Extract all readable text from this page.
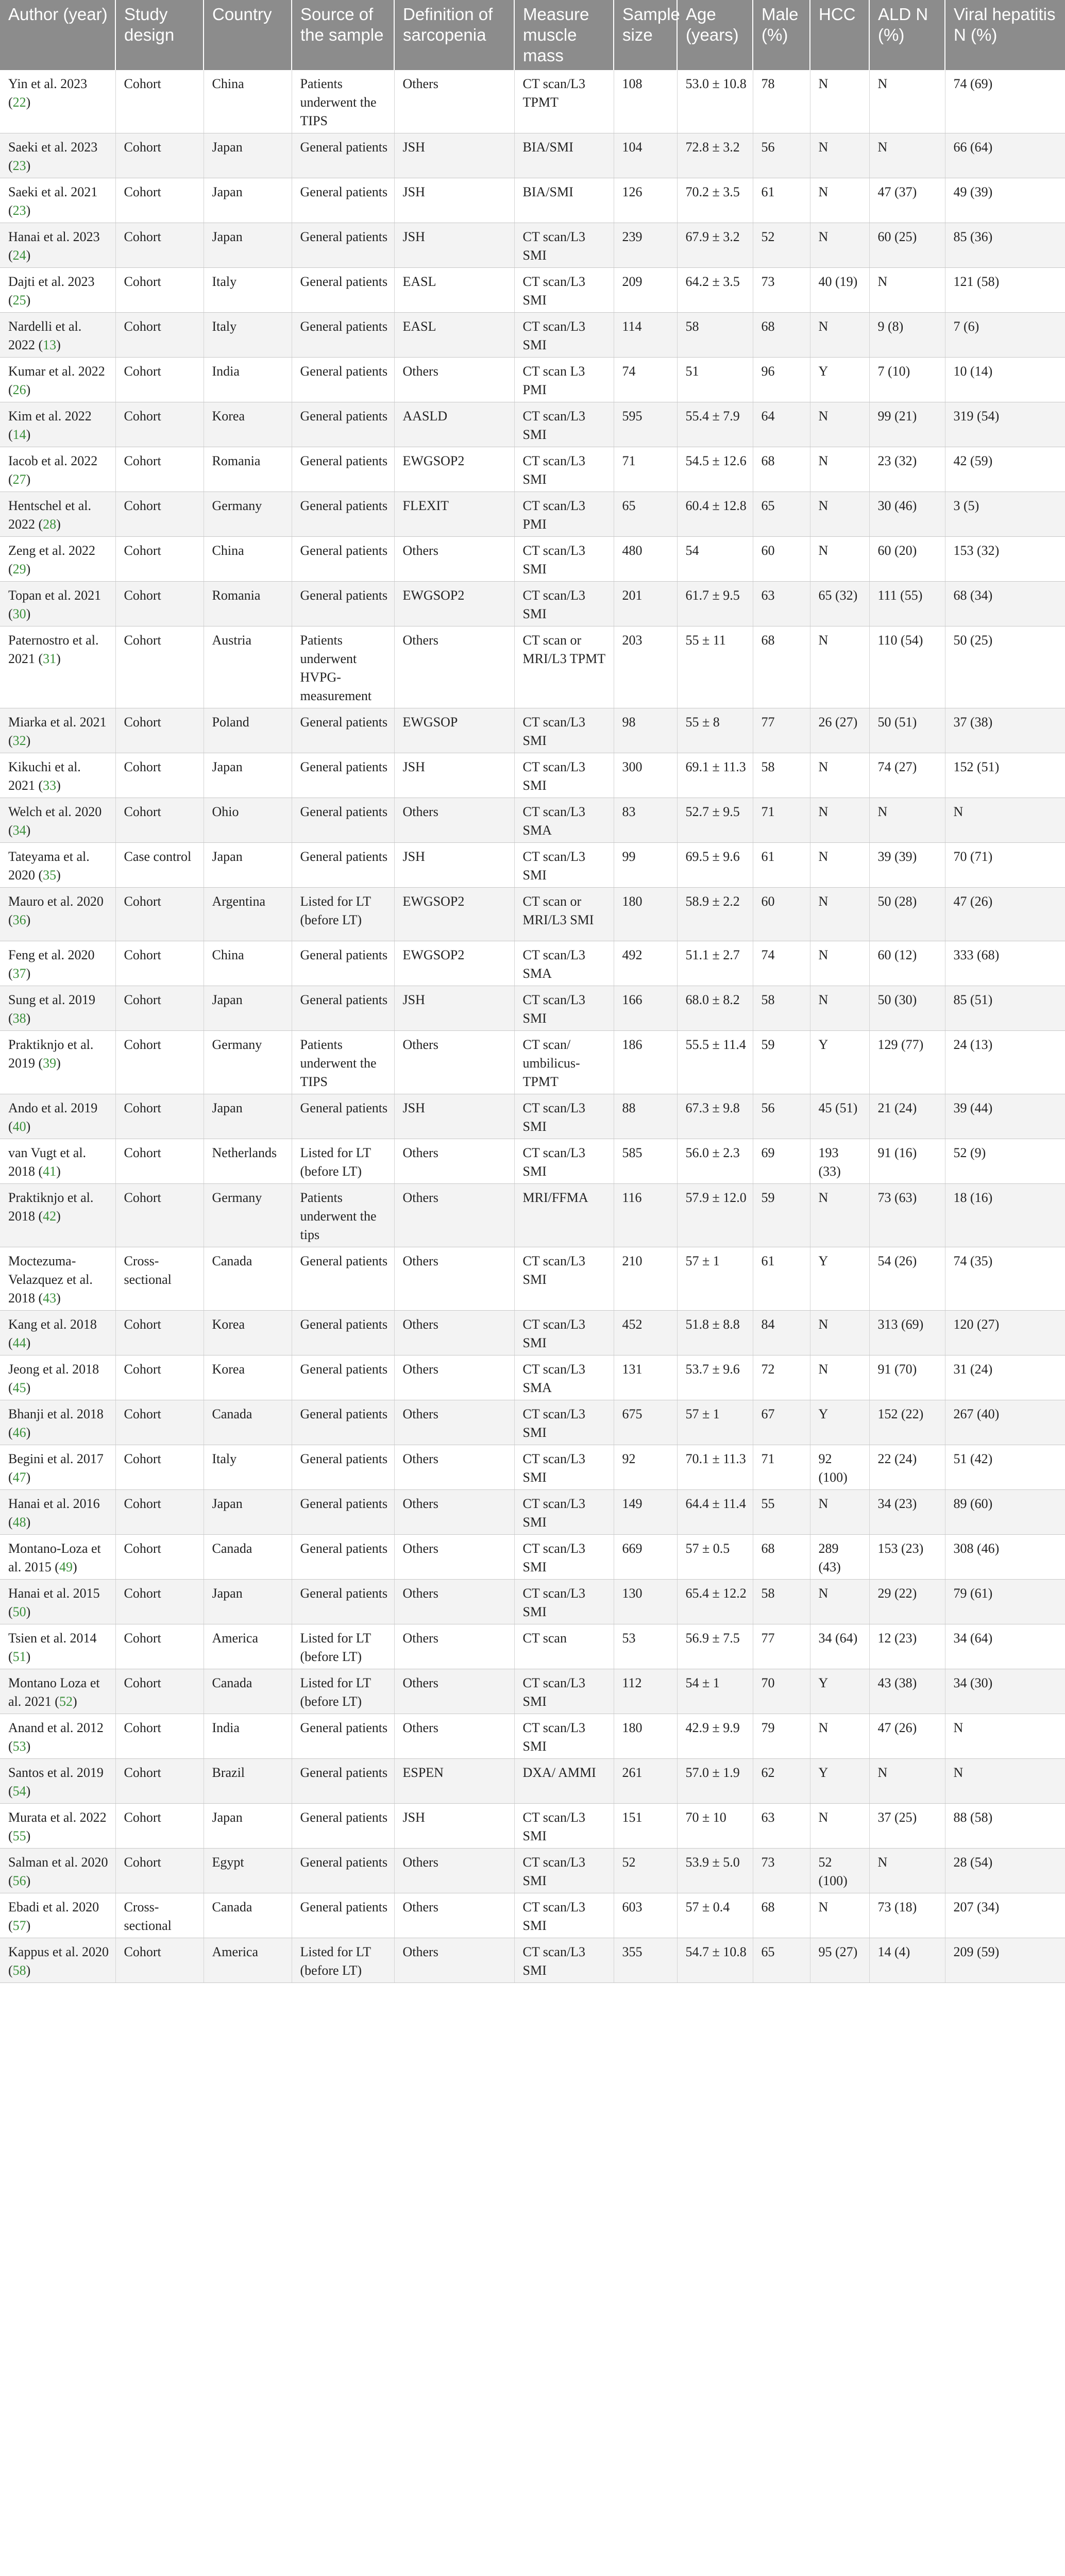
Author (year)	Study design	Country	Source of the sample	Definition of sarcopenia	Measure muscle mass	Sample size	Age (years)	Male (%)	HCC	ALD N (%)	Viral hepatitis N (%)
Yin et al. 2023 (22)	Cohort	China	Patients underwent the TIPS	Others	CT scan/L3 TPMT	108	53.0 ± 10.8	78	N	N	74 (69)
Saeki et al. 2023 (23)	Cohort	Japan	General patients	JSH	BIA/SMI	104	72.8 ± 3.2	56	N	N	66 (64)
Saeki et al. 2021 (23)	Cohort	Japan	General patients	JSH	BIA/SMI	126	70.2 ± 3.5	61	N	47 (37)	49 (39)
Hanai et al. 2023 (24)	Cohort	Japan	General patients	JSH	CT scan/L3 SMI	239	67.9 ± 3.2	52	N	60 (25)	85 (36)
Dajti et al. 2023 (25)	Cohort	Italy	General patients	EASL	CT scan/L3 SMI	209	64.2 ± 3.5	73	40 (19)	N	121 (58)
Nardelli et al. 2022 (13)	Cohort	Italy	General patients	EASL	CT scan/L3 SMI	114	58	68	N	9 (8)	7 (6)
Kumar et al. 2022 (26)	Cohort	India	General patients	Others	CT scan L3 PMI	74	51	96	Y	7 (10)	10 (14)
Kim et al. 2022 (14)	Cohort	Korea	General patients	AASLD	CT scan/L3 SMI	595	55.4 ± 7.9	64	N	99 (21)	319 (54)
Iacob et al. 2022 (27)	Cohort	Romania	General patients	EWGSOP2	CT scan/L3 SMI	71	54.5 ± 12.6	68	N	23 (32)	42 (59)
Hentschel et al. 2022 (28)	Cohort	Germany	General patients	FLEXIT	CT scan/L3 PMI	65	60.4 ± 12.8	65	N	30 (46)	3 (5)
Zeng et al. 2022 (29)	Cohort	China	General patients	Others	CT scan/L3 SMI	480	54	60	N	60 (20)	153 (32)
Topan et al. 2021 (30)	Cohort	Romania	General patients	EWGSOP2	CT scan/L3 SMI	201	61.7 ± 9.5	63	65 (32)	111 (55)	68 (34)
Paternostro et al. 2021 (31)	Cohort	Austria	Patients underwent HVPG-measurement	Others	CT scan or MRI/L3 TPMT	203	55 ± 11	68	N	110 (54)	50 (25)
Miarka et al. 2021 (32)	Cohort	Poland	General patients	EWGSOP	CT scan/L3 SMI	98	55 ± 8	77	26 (27)	50 (51)	37 (38)
Kikuchi et al. 2021 (33)	Cohort	Japan	General patients	JSH	CT scan/L3 SMI	300	69.1 ± 11.3	58	N	74 (27)	152 (51)
Welch et al. 2020 (34)	Cohort	Ohio	General patients	Others	CT scan/L3 SMA	83	52.7 ± 9.5	71	N	N	N
Tateyama et al. 2020 (35)	Case control	Japan	General patients	JSH	CT scan/L3 SMI	99	69.5 ± 9.6	61	N	39 (39)	70 (71)
Mauro et al. 2020 (36)	Cohort	Argentina	Listed for LT (before LT)	EWGSOP2	CT scan or MRI/L3 SMI	180	58.9 ± 2.2	60	N	50 (28)	47 (26)
Feng et al. 2020 (37)	Cohort	China	General patients	EWGSOP2	CT scan/L3 SMA	492	51.1 ± 2.7	74	N	60 (12)	333 (68)
Sung et al. 2019 (38)	Cohort	Japan	General patients	JSH	CT scan/L3 SMI	166	68.0 ± 8.2	58	N	50 (30)	85 (51)
Praktiknjo et al. 2019 (39)	Cohort	Germany	Patients underwent the TIPS	Others	CT scan/ umbilicus-TPMT	186	55.5 ± 11.4	59	Y	129 (77)	24 (13)
Ando et al. 2019 (40)	Cohort	Japan	General patients	JSH	CT scan/L3 SMI	88	67.3 ± 9.8	56	45 (51)	21 (24)	39 (44)
van Vugt et al. 2018 (41)	Cohort	Netherlands	Listed for LT (before LT)	Others	CT scan/L3 SMI	585	56.0 ± 2.3	69	193 (33)	91 (16)	52 (9)
Praktiknjo et al. 2018 (42)	Cohort	Germany	Patients underwent the tips	Others	MRI/FFMA	116	57.9 ± 12.0	59	N	73 (63)	18 (16)
Moctezuma-Velazquez et al. 2018 (43)	Cross-sectional	Canada	General patients	Others	CT scan/L3 SMI	210	57 ± 1	61	Y	54 (26)	74 (35)
Kang et al. 2018 (44)	Cohort	Korea	General patients	Others	CT scan/L3 SMI	452	51.8 ± 8.8	84	N	313 (69)	120 (27)
Jeong et al. 2018 (45)	Cohort	Korea	General patients	Others	CT scan/L3 SMA	131	53.7 ± 9.6	72	N	91 (70)	31 (24)
Bhanji et al. 2018 (46)	Cohort	Canada	General patients	Others	CT scan/L3 SMI	675	57 ± 1	67	Y	152 (22)	267 (40)
Begini et al. 2017 (47)	Cohort	Italy	General patients	Others	CT scan/L3 SMI	92	70.1 ± 11.3	71	92 (100)	22 (24)	51 (42)
Hanai et al. 2016 (48)	Cohort	Japan	General patients	Others	CT scan/L3 SMI	149	64.4 ± 11.4	55	N	34 (23)	89 (60)
Montano-Loza et al. 2015 (49)	Cohort	Canada	General patients	Others	CT scan/L3 SMI	669	57 ± 0.5	68	289 (43)	153 (23)	308 (46)
Hanai et al. 2015 (50)	Cohort	Japan	General patients	Others	CT scan/L3 SMI	130	65.4 ± 12.2	58	N	29 (22)	79 (61)
Tsien et al. 2014 (51)	Cohort	America	Listed for LT (before LT)	Others	CT scan	53	56.9 ± 7.5	77	34 (64)	12 (23)	34 (64)
Montano Loza et al. 2021 (52)	Cohort	Canada	Listed for LT (before LT)	Others	CT scan/L3 SMI	112	54 ± 1	70	Y	43 (38)	34 (30)
Anand et al. 2012 (53)	Cohort	India	General patients	Others	CT scan/L3 SMI	180	42.9 ± 9.9	79	N	47 (26)	N
Santos et al. 2019 (54)	Cohort	Brazil	General patients	ESPEN	DXA/ AMMI	261	57.0 ± 1.9	62	Y	N	N
Murata et al. 2022 (55)	Cohort	Japan	General patients	JSH	CT scan/L3 SMI	151	70 ± 10	63	N	37 (25)	88 (58)
Salman et al. 2020 (56)	Cohort	Egypt	General patients	Others	CT scan/L3 SMI	52	53.9 ± 5.0	73	52 (100)	N	28 (54)
Ebadi et al. 2020 (57)	Cross-sectional	Canada	General patients	Others	CT scan/L3 SMI	603	57 ± 0.4	68	N	73 (18)	207 (34)
Kappus et al. 2020 (58)	Cohort	America	Listed for LT (before LT)	Others	CT scan/L3 SMI	355	54.7 ± 10.8	65	95 (27)	14 (4)	209 (59)
